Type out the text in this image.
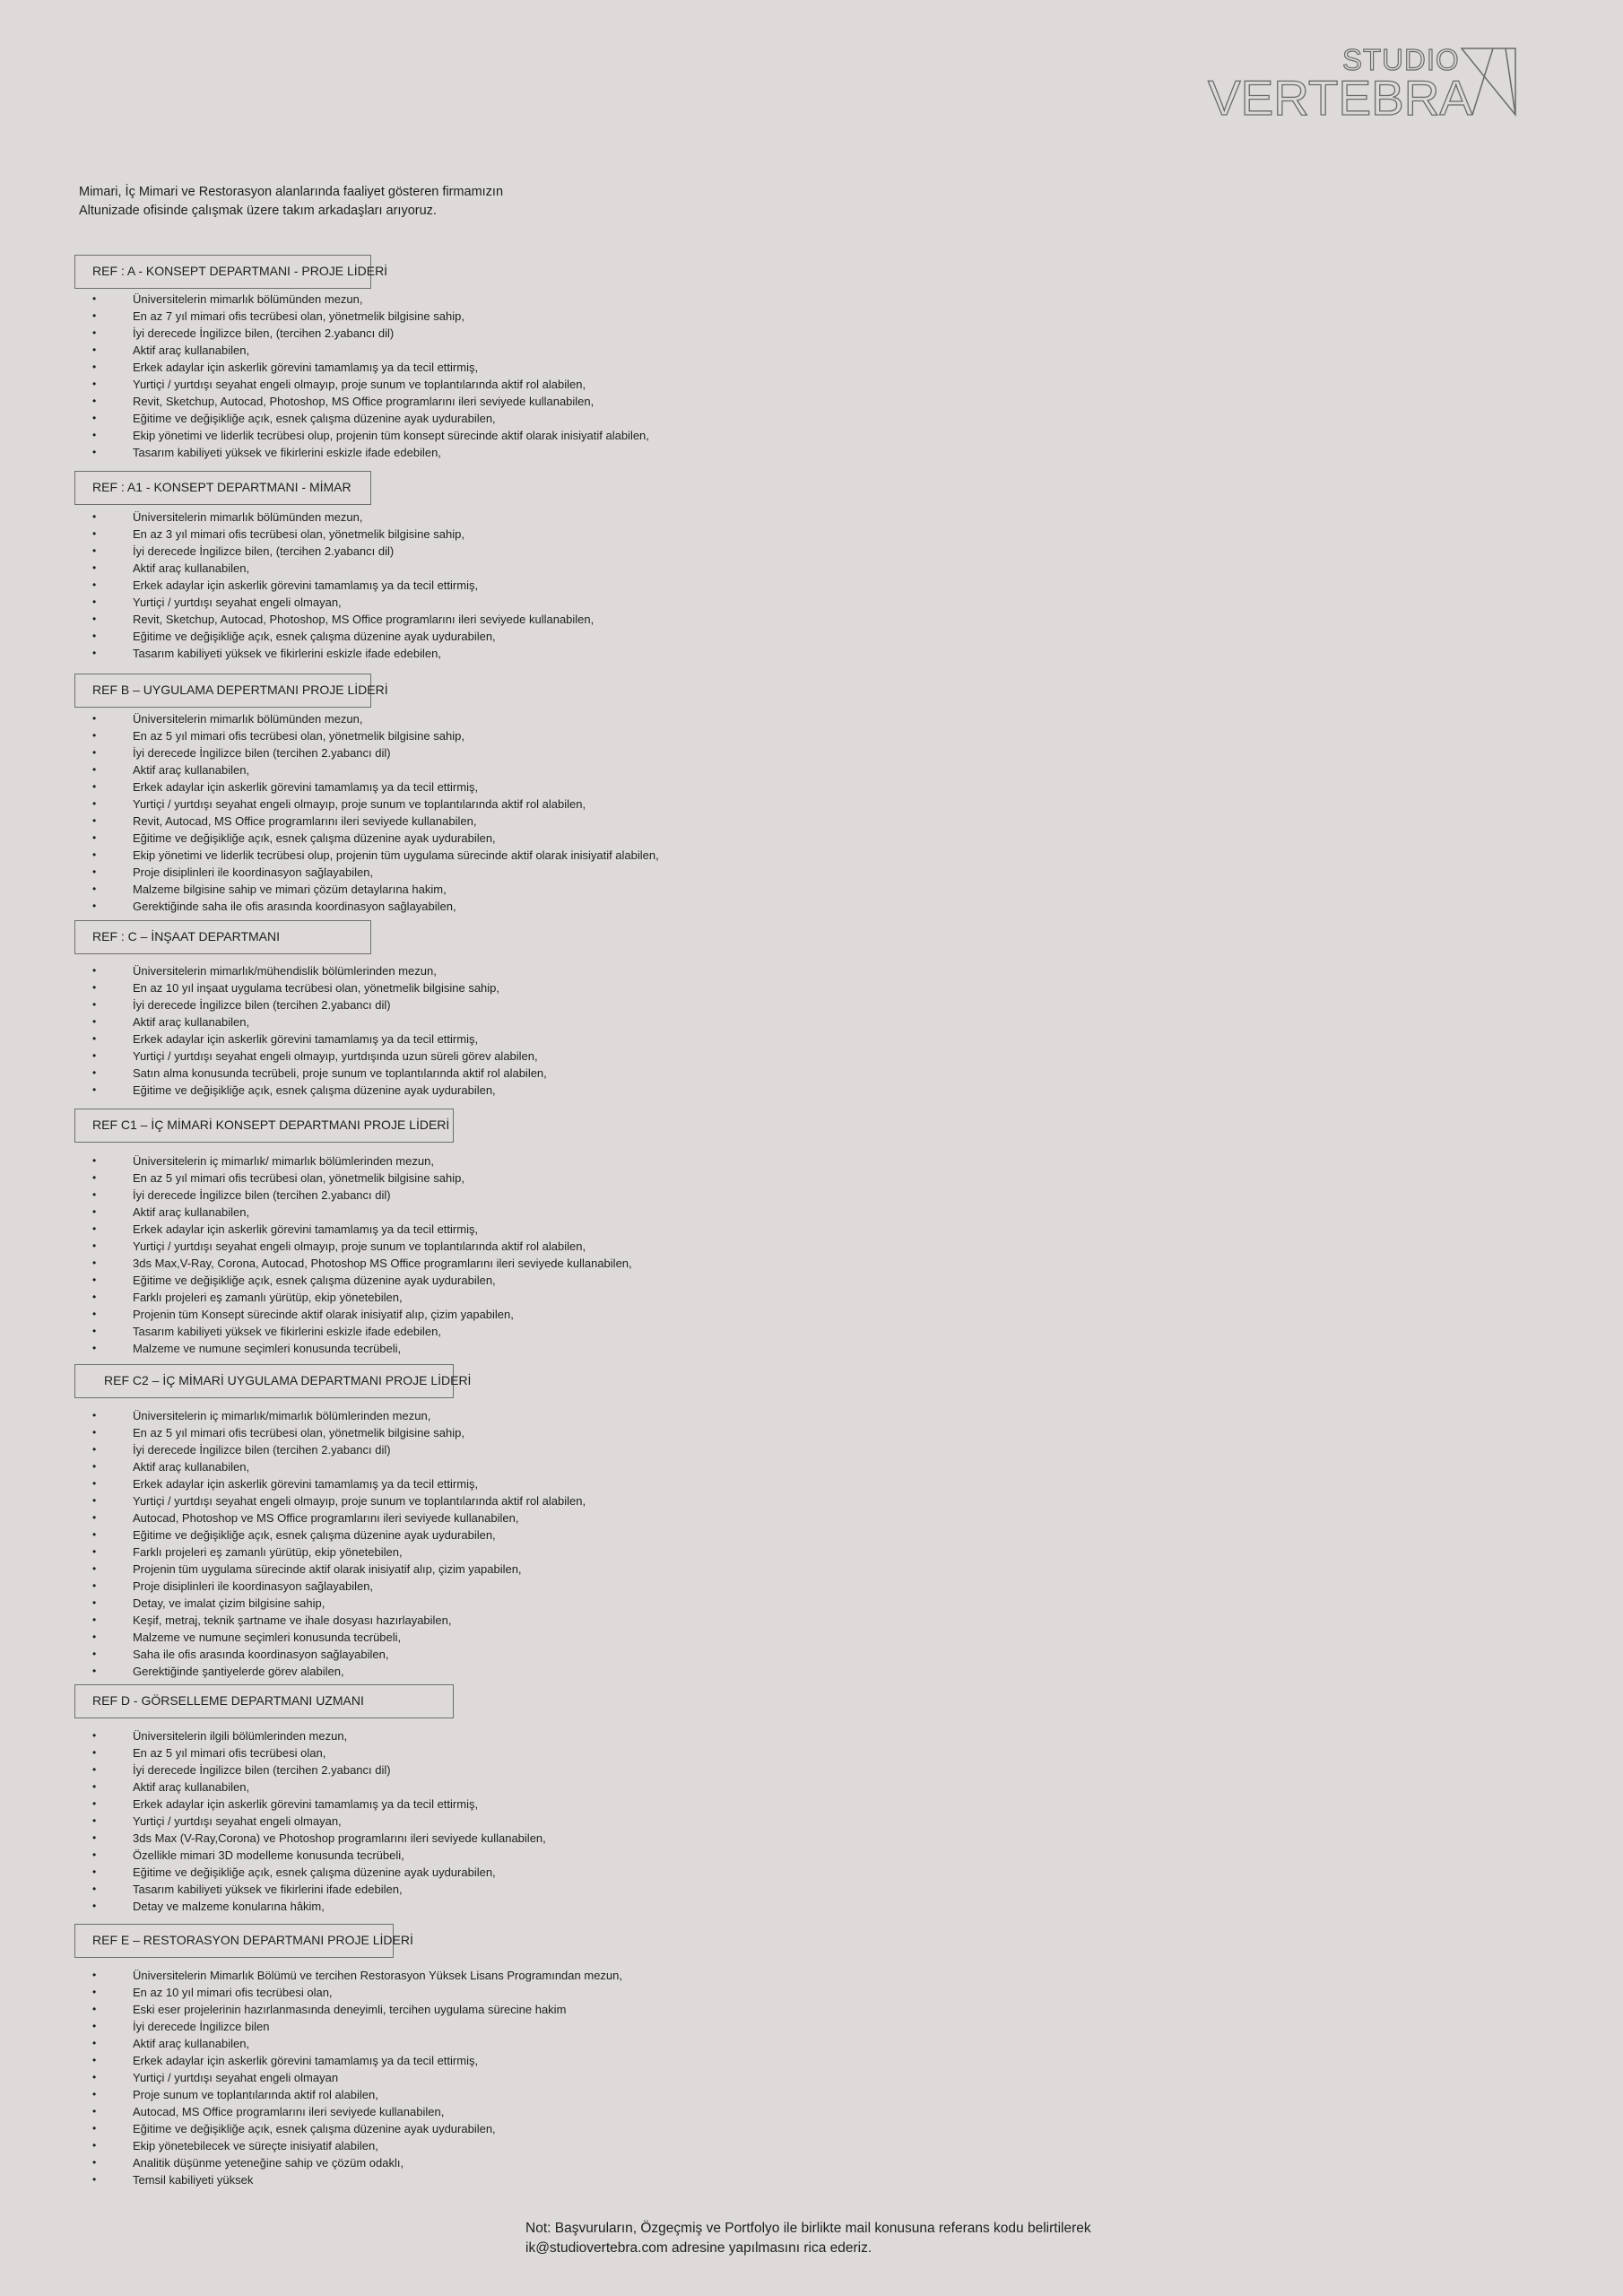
STUDIO
VERTEBRA
Mimari, İç Mimari ve Restorasyon alanlarında faaliyet gösteren firmamızın
Altunizade ofisinde çalışmak üzere takım arkadaşları arıyoruz.
REF : A - KONSEPT DEPARTMANI - PROJE LİDERİ
•	Üniversitelerin mimarlık bölümünden mezun,
•	En az 7 yıl mimari ofis tecrübesi olan, yönetmelik bilgisine sahip,
•	İyi derecede İngilizce bilen, (tercihen 2.yabancı dil)
•	Aktif araç kullanabilen,
•	Erkek adaylar için askerlik görevini tamamlamış ya da tecil ettirmiş,
•	Yurtiçi / yurtdışı seyahat engeli olmayıp, proje sunum ve toplantılarında aktif rol alabilen,
•	Revit, Sketchup, Autocad, Photoshop, MS Office programlarını ileri seviyede kullanabilen,
•	Eğitime ve değişikliğe açık, esnek çalışma düzenine ayak uydurabilen,
•	Ekip yönetimi ve liderlik tecrübesi olup, projenin tüm konsept sürecinde aktif olarak inisiyatif alabilen,
•	Tasarım kabiliyeti yüksek ve fikirlerini eskizle ifade edebilen,
REF : A1 - KONSEPT DEPARTMANI - MİMAR
•	Üniversitelerin mimarlık bölümünden mezun,
•	En az 3 yıl mimari ofis tecrübesi olan, yönetmelik bilgisine sahip,
•	İyi derecede İngilizce bilen, (tercihen 2.yabancı dil)
•	Aktif araç kullanabilen,
•	Erkek adaylar için askerlik görevini tamamlamış ya da tecil ettirmiş,
•	Yurtiçi / yurtdışı seyahat engeli olmayan,
•	Revit, Sketchup, Autocad, Photoshop, MS Office programlarını ileri seviyede kullanabilen,
•	Eğitime ve değişikliğe açık, esnek çalışma düzenine ayak uydurabilen,
•	Tasarım kabiliyeti yüksek ve fikirlerini eskizle ifade edebilen,
REF B – UYGULAMA DEPERTMANI PROJE LİDERİ
•	Üniversitelerin mimarlık bölümünden mezun,
•	En az 5 yıl mimari ofis tecrübesi olan, yönetmelik bilgisine sahip,
•	İyi derecede İngilizce bilen (tercihen 2.yabancı dil)
•	Aktif araç kullanabilen,
•	Erkek adaylar için askerlik görevini tamamlamış ya da tecil ettirmiş,
•	Yurtiçi / yurtdışı seyahat engeli olmayıp, proje sunum ve toplantılarında aktif rol alabilen,
•	Revit, Autocad, MS Office programlarını ileri seviyede kullanabilen,
•	Eğitime ve değişikliğe açık, esnek çalışma düzenine ayak uydurabilen,
•	Ekip yönetimi ve liderlik tecrübesi olup, projenin tüm uygulama sürecinde aktif olarak inisiyatif alabilen,
•	Proje disiplinleri ile koordinasyon sağlayabilen,
•	Malzeme bilgisine sahip ve mimari çözüm detaylarına hakim,
•	Gerektiğinde saha ile ofis arasında koordinasyon sağlayabilen,
REF : C – İNŞAAT DEPARTMANI
•	Üniversitelerin mimarlık/mühendislik bölümlerinden mezun,
•	En az 10 yıl inşaat uygulama tecrübesi olan, yönetmelik bilgisine sahip,
•	İyi derecede İngilizce bilen (tercihen 2.yabancı dil)
•	Aktif araç kullanabilen,
•	Erkek adaylar için askerlik görevini tamamlamış ya da tecil ettirmiş,
•	Yurtiçi / yurtdışı seyahat engeli olmayıp, yurtdışında uzun süreli görev alabilen,
•	Satın alma konusunda tecrübeli, proje sunum ve toplantılarında aktif rol alabilen,
•	Eğitime ve değişikliğe açık, esnek çalışma düzenine ayak uydurabilen,
REF C1 – İÇ MİMARİ KONSEPT DEPARTMANI PROJE LİDERİ
•	Üniversitelerin iç mimarlık/ mimarlık bölümlerinden mezun,
•	En az 5 yıl mimari ofis tecrübesi olan, yönetmelik bilgisine sahip,
•	İyi derecede İngilizce bilen (tercihen 2.yabancı dil)
•	Aktif araç kullanabilen,
•	Erkek adaylar için askerlik görevini tamamlamış ya da tecil ettirmiş,
•	Yurtiçi / yurtdışı seyahat engeli olmayıp, proje sunum ve toplantılarında aktif rol alabilen,
•	3ds Max,V-Ray, Corona, Autocad, Photoshop MS Office programlarını ileri seviyede kullanabilen,
•	Eğitime ve değişikliğe açık, esnek çalışma düzenine ayak uydurabilen,
•	Farklı projeleri eş zamanlı yürütüp, ekip yönetebilen,
•	Projenin tüm Konsept sürecinde aktif olarak inisiyatif alıp, çizim yapabilen,
•	Tasarım kabiliyeti yüksek ve fikirlerini eskizle ifade edebilen,
•	Malzeme ve numune seçimleri konusunda tecrübeli,
REF C2 – İÇ MİMARİ UYGULAMA DEPARTMANI PROJE LİDERİ
•	Üniversitelerin iç mimarlık/mimarlık bölümlerinden mezun,
•	En az 5 yıl mimari ofis tecrübesi olan, yönetmelik bilgisine sahip,
•	İyi derecede İngilizce bilen (tercihen 2.yabancı dil)
•	Aktif araç kullanabilen,
•	Erkek adaylar için askerlik görevini tamamlamış ya da tecil ettirmiş,
•	Yurtiçi / yurtdışı seyahat engeli olmayıp, proje sunum ve toplantılarında aktif rol alabilen,
•	Autocad, Photoshop ve MS Office programlarını ileri seviyede kullanabilen,
•	Eğitime ve değişikliğe açık, esnek çalışma düzenine ayak uydurabilen,
•	Farklı projeleri eş zamanlı yürütüp, ekip yönetebilen,
•	Projenin tüm uygulama sürecinde aktif olarak inisiyatif alıp, çizim yapabilen,
•	Proje disiplinleri ile koordinasyon sağlayabilen,
•	Detay, ve imalat çizim bilgisine sahip,
•	Keşif, metraj, teknik şartname ve ihale dosyası hazırlayabilen,
•	Malzeme ve numune seçimleri konusunda tecrübeli,
•	Saha ile ofis arasında koordinasyon sağlayabilen,
•	Gerektiğinde şantiyelerde görev alabilen,
REF D - GÖRSELLEME DEPARTMANI UZMANI
•	Üniversitelerin ilgili bölümlerinden mezun,
•	En az 5 yıl mimari ofis tecrübesi olan,
•	İyi derecede İngilizce bilen (tercihen 2.yabancı dil)
•	Aktif araç kullanabilen,
•	Erkek adaylar için askerlik görevini tamamlamış ya da tecil ettirmiş,
•	Yurtiçi / yurtdışı seyahat engeli olmayan,
•	3ds Max (V-Ray,Corona) ve Photoshop programlarını ileri seviyede kullanabilen,
•	Özellikle mimari 3D modelleme konusunda tecrübeli,
•	Eğitime ve değişikliğe açık, esnek çalışma düzenine ayak uydurabilen,
•	Tasarım kabiliyeti yüksek ve fikirlerini ifade edebilen,
•	Detay ve malzeme konularına hâkim,
REF E – RESTORASYON DEPARTMANI PROJE LİDERİ
•	Üniversitelerin Mimarlık Bölümü ve tercihen Restorasyon Yüksek Lisans Programından mezun,
•	En az 10 yıl mimari ofis tecrübesi olan,
•	Eski eser projelerinin hazırlanmasında deneyimli, tercihen uygulama sürecine hakim
•	İyi derecede İngilizce bilen
•	Aktif araç kullanabilen,
•	Erkek adaylar için askerlik görevini tamamlamış ya da tecil ettirmiş,
•	Yurtiçi / yurtdışı seyahat engeli olmayan
•	Proje sunum ve toplantılarında aktif rol alabilen,
•	Autocad, MS Office programlarını ileri seviyede kullanabilen,
•	Eğitime ve değişikliğe açık, esnek çalışma düzenine ayak uydurabilen,
•	Ekip yönetebilecek ve süreçte inisiyatif alabilen,
•	Analitik düşünme yeteneğine sahip ve çözüm odaklı,
•	Temsil kabiliyeti yüksek
Not: Başvuruların, Özgeçmiş ve Portfolyo ile birlikte mail konusuna referans kodu belirtilerek
ik@studiovertebra.com adresine yapılmasını rica ederiz.
